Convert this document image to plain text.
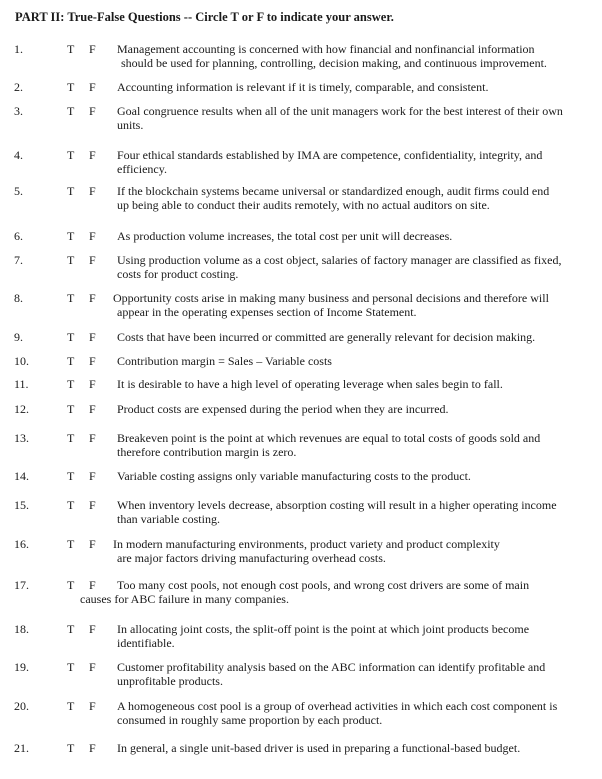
PART II: True-False Questions -- Circle T or F to indicate your answer.
1.	T F Management accounting is concerned with how financial and nonfinancial information
should be used for planning, controlling, decision making, and continuous improvement.
2.	T F Accounting information is relevant if it is timely, comparable, and consistent.
3.	T F Goal congruence results when all of the unit managers work for the best interest of their own
units.
4.	T F Four ethical standards established by IMA are competence, confidentiality, integrity, and
efficiency.
5.	T F If the blockchain systems became universal or standardized enough, audit firms could end
up being able to conduct their audits remotely, with no actual auditors on site.
6.	T F As production volume increases, the total cost per unit will decreases.
7.	T F Using production volume as a cost object, salaries of factory manager are classified as fixed,
costs for product costing.
8.	T F Opportunity costs arise in making many business and personal decisions and therefore will
appear in the operating expenses section of Income Statement.
9.	T F Costs that have been incurred or committed are generally relevant for decision making.
10.	T F Contribution margin = Sales – Variable costs
11.	T F It is desirable to have a high level of operating leverage when sales begin to fall.
12.	T F Product costs are expensed during the period when they are incurred.
13.	T F Breakeven point is the point at which revenues are equal to total costs of goods sold and
therefore contribution margin is zero.
14.	T F Variable costing assigns only variable manufacturing costs to the product.
15.	T F When inventory levels decrease, absorption costing will result in a higher operating income
than variable costing.
16.	T F In modern manufacturing environments, product variety and product complexity
are major factors driving manufacturing overhead costs.
17.	T F Too many cost pools, not enough cost pools, and wrong cost drivers are some of main
causes for ABC failure in many companies.
18.	T F In allocating joint costs, the split-off point is the point at which joint products become
identifiable.
19.	T F Customer profitability analysis based on the ABC information can identify profitable and
unprofitable products.
20.	T F A homogeneous cost pool is a group of overhead activities in which each cost component is
consumed in roughly same proportion by each product.
21.	T F In general, a single unit-based driver is used in preparing a functional-based budget.
